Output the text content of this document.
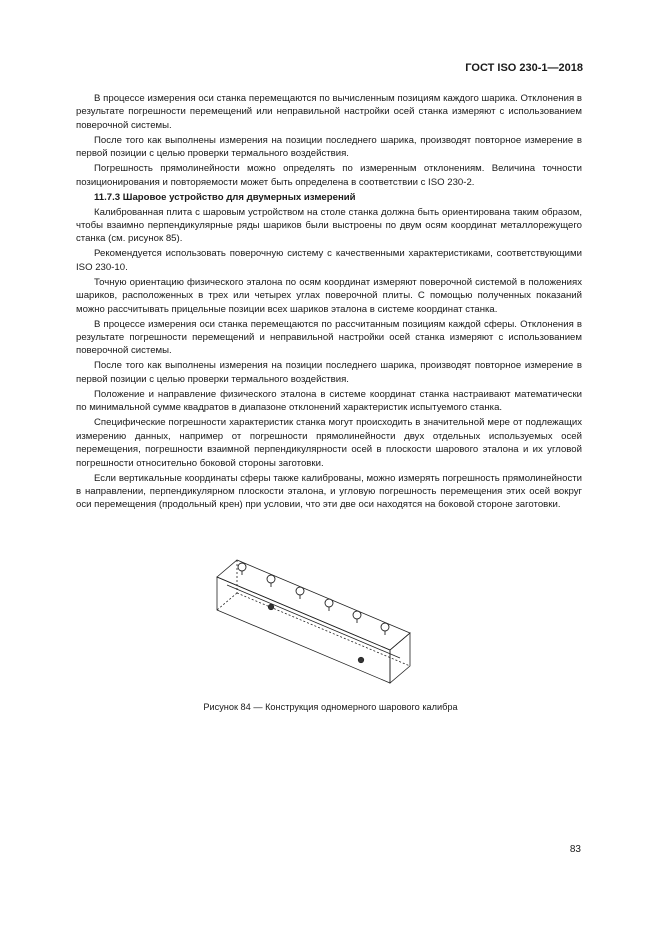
ГОСТ ISO 230-1—2018

В процессе измерения оси станка перемещаются по вычисленным позициям каждого шарика. Отклонения в результате погрешности перемещений или неправильной настройки осей станка измеряют с использованием поверочной системы.

После того как выполнены измерения на позиции последнего шарика, производят повторное измерение в первой позиции с целью проверки термального воздействия.

Погрешность прямолинейности можно определять по измеренным отклонениям. Величина точности позиционирования и повторяемости может быть определена в соответствии с ISO 230-2.

11.7.3 Шаровое устройство для двумерных измерений

Калиброванная плита с шаровым устройством на столе станка должна быть ориентирована таким образом, чтобы взаимно перпендикулярные ряды шариков были выстроены по двум осям координат металлорежущего станка (см. рисунок 85).

Рекомендуется использовать поверочную систему с качественными характеристиками, соответствующими ISO 230-10.

Точную ориентацию физического эталона по осям координат измеряют поверочной системой в положениях шариков, расположенных в трех или четырех углах поверочной плиты. С помощью полученных показаний можно рассчитывать прицельные позиции всех шариков эталона в системе координат станка.

В процессе измерения оси станка перемещаются по рассчитанным позициям каждой сферы. Отклонения в результате погрешности перемещений и неправильной настройки осей станка измеряют с использованием поверочной системы.

После того как выполнены измерения на позиции последнего шарика, производят повторное измерение в первой позиции с целью проверки термального воздействия.

Положение и направление физического эталона в системе координат станка настраивают математически по минимальной сумме квадратов в диапазоне отклонений характеристик испытуемого станка.

Специфические погрешности характеристик станка могут происходить в значительной мере от подлежащих измерению данных, например от погрешности прямолинейности двух отдельных используемых осей перемещения, погрешности взаимной перпендикулярности осей в плоскости шарового эталона и их угловой погрешности относительно боковой стороны заготовки.

Если вертикальные координаты сферы также калиброваны, можно измерять погрешность прямолинейности в направлении, перпендикулярном плоскости эталона, и угловую погрешность перемещения этих осей вокруг оси перемещения (продольный крен) при условии, что эти две оси находятся на боковой стороне заготовки.

Рисунок 84 — Конструкция одномерного шарового калибра
83
